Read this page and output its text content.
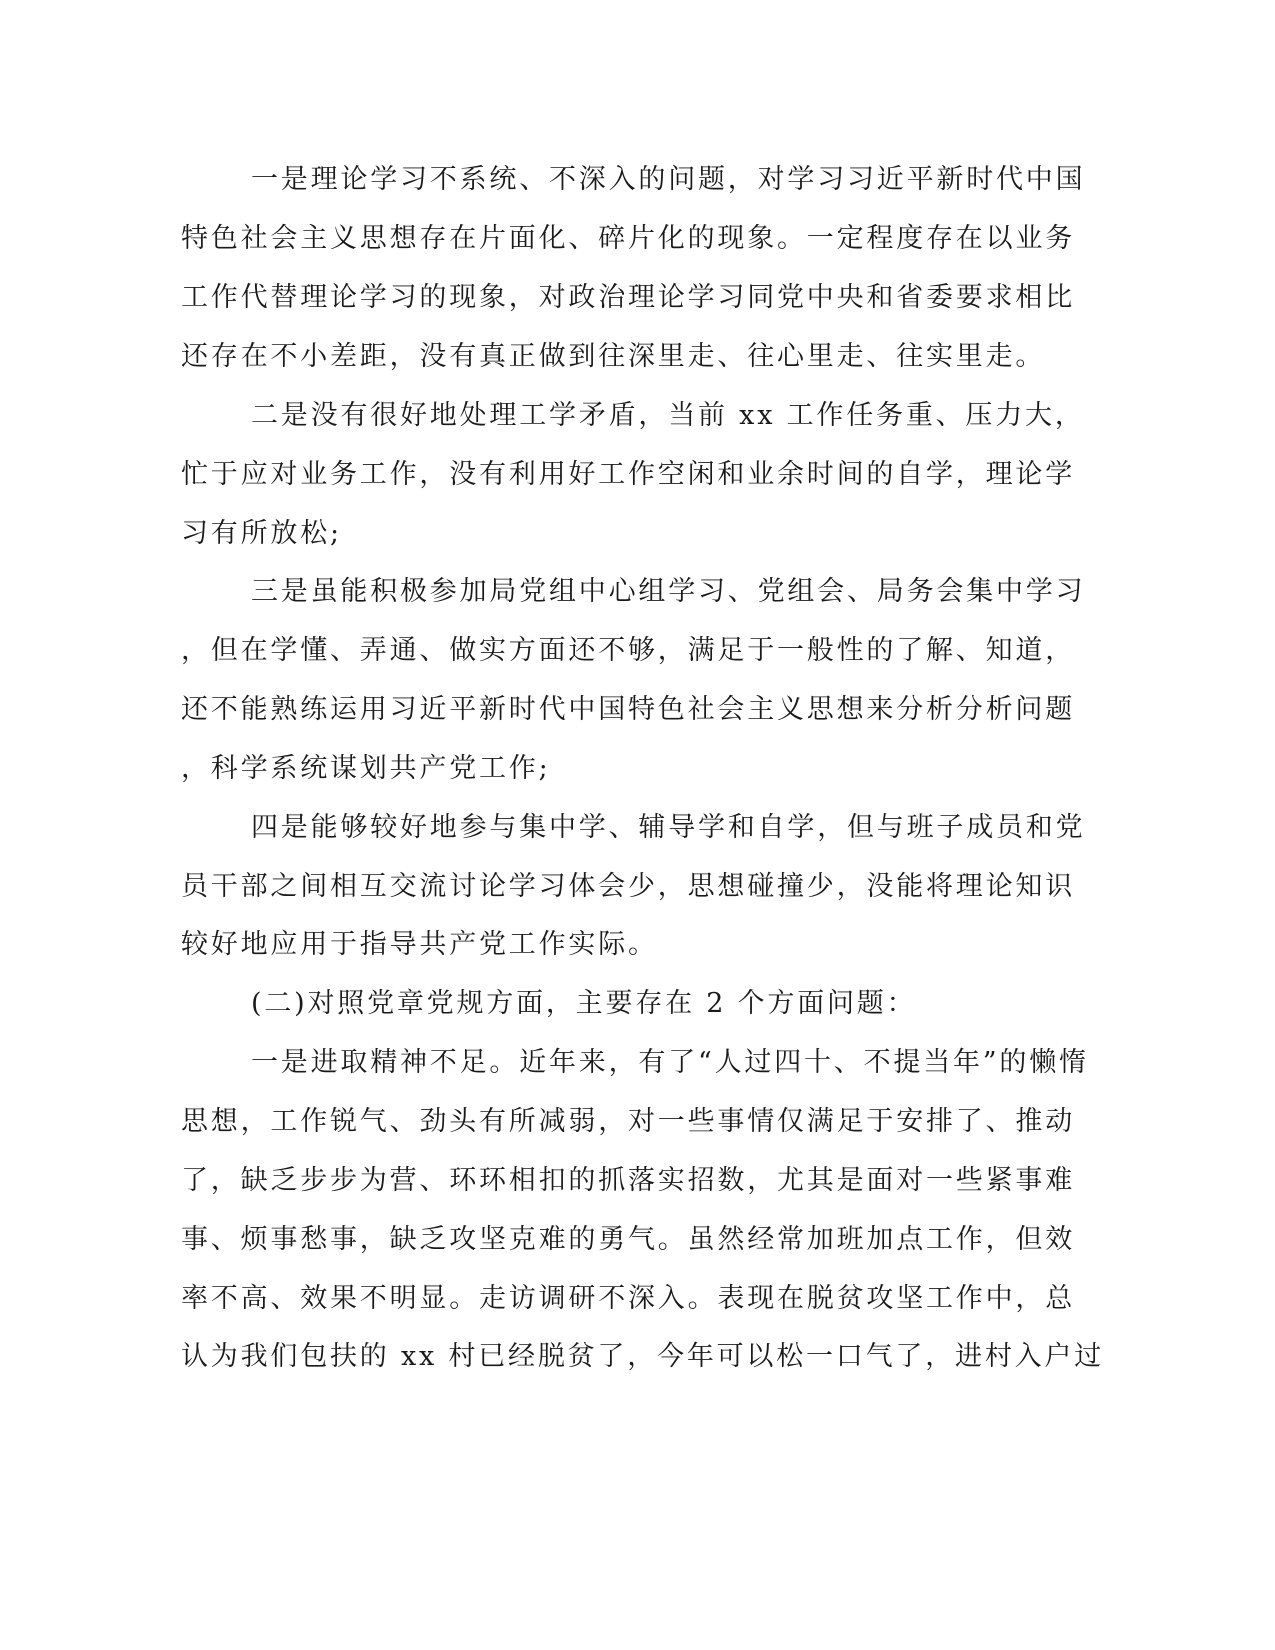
一是理论学习不系统、不深入的问题，对学习习近平新时代中国
特色社会主义思想存在片面化、碎片化的现象。一定程度存在以业务
工作代替理论学习的现象，对政治理论学习同党中央和省委要求相比
还存在不小差距，没有真正做到往深里走、往心里走、往实里走。
二是没有很好地处理工学矛盾，当前 xx 工作任务重、压力大，
忙于应对业务工作，没有利用好工作空闲和业余时间的自学，理论学
习有所放松;
三是虽能积极参加局党组中心组学习、党组会、局务会集中学习
，但在学懂、弄通、做实方面还不够，满足于一般性的了解、知道，
还不能熟练运用习近平新时代中国特色社会主义思想来分析分析问题
，科学系统谋划共产党工作;
四是能够较好地参与集中学、辅导学和自学，但与班子成员和党
员干部之间相互交流讨论学习体会少，思想碰撞少，没能将理论知识
较好地应用于指导共产党工作实际。
(二)对照党章党规方面，主要存在 2 个方面问题：
一是进取精神不足。近年来，有了“人过四十、不提当年”的懒惰
思想，工作锐气、劲头有所减弱，对一些事情仅满足于安排了、推动
了，缺乏步步为营、环环相扣的抓落实招数，尤其是面对一些紧事难
事、烦事愁事，缺乏攻坚克难的勇气。虽然经常加班加点工作，但效
率不高、效果不明显。走访调研不深入。表现在脱贫攻坚工作中，总
认为我们包扶的 xx 村已经脱贫了，今年可以松一口气了，进村入户过
